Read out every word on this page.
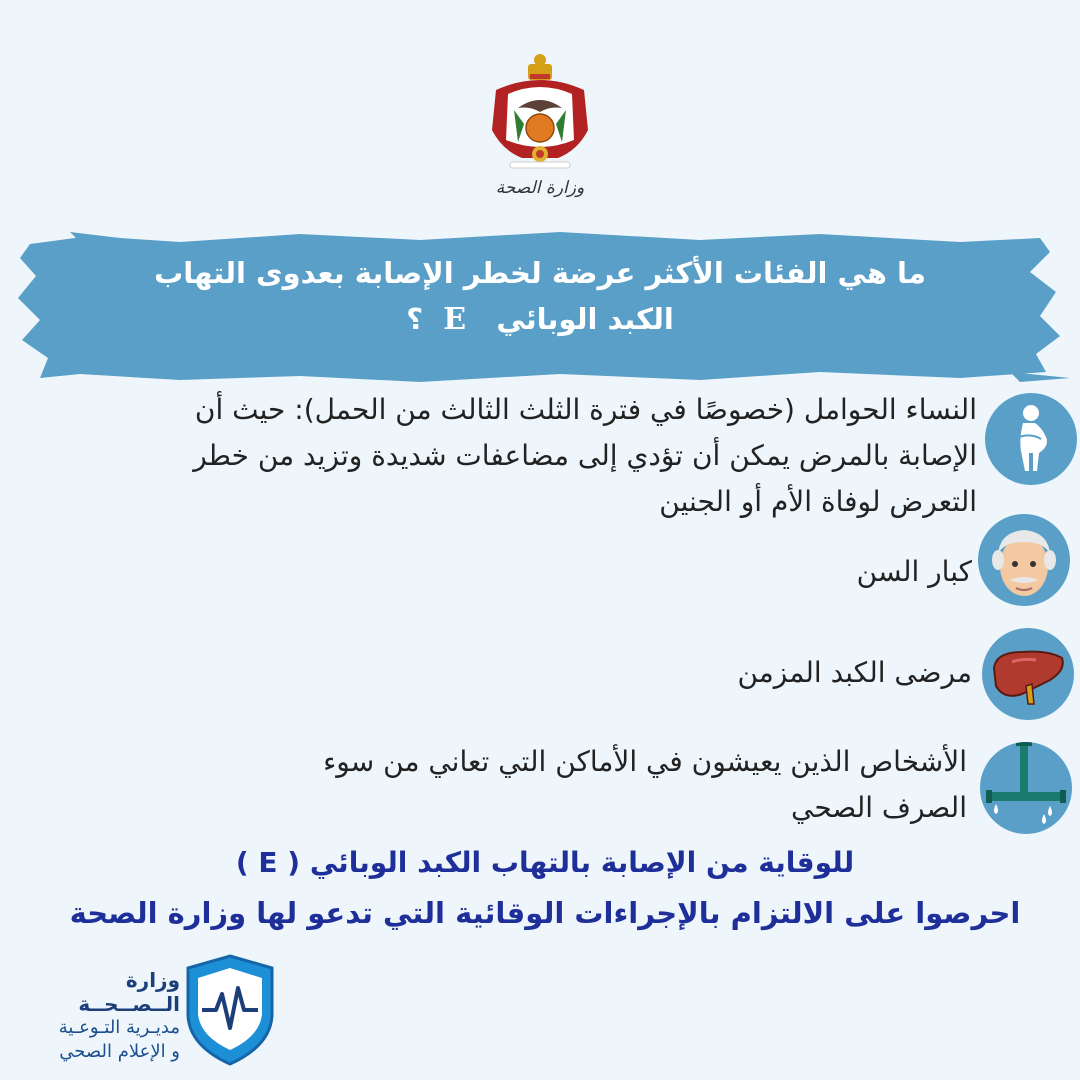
وزارة الصحة
ما هي الفئات الأكثر عرضة لخطر الإصابة بعدوى التهاب
الكبد الوبائي   E  ؟
النساء الحوامل (خصوصًا في فترة الثلث الثالث من الحمل): حيث أن
الإصابة بالمرض يمكن أن تؤدي إلى مضاعفات شديدة وتزيد من خطر
التعرض لوفاة الأم أو الجنين
كبار السن
مرضى الكبد المزمن
الأشخاص الذين يعيشون في الأماكن التي تعاني من سوء
الصرف الصحي
للوقاية من الإصابة بالتهاب الكبد الوبائي ( E )
احرصوا على الالتزام بالإجراءات الوقائية التي تدعو لها وزارة الصحة
وزارة الــصــحــة
مديـرية التـوعـية
و الإعلام الصحي
